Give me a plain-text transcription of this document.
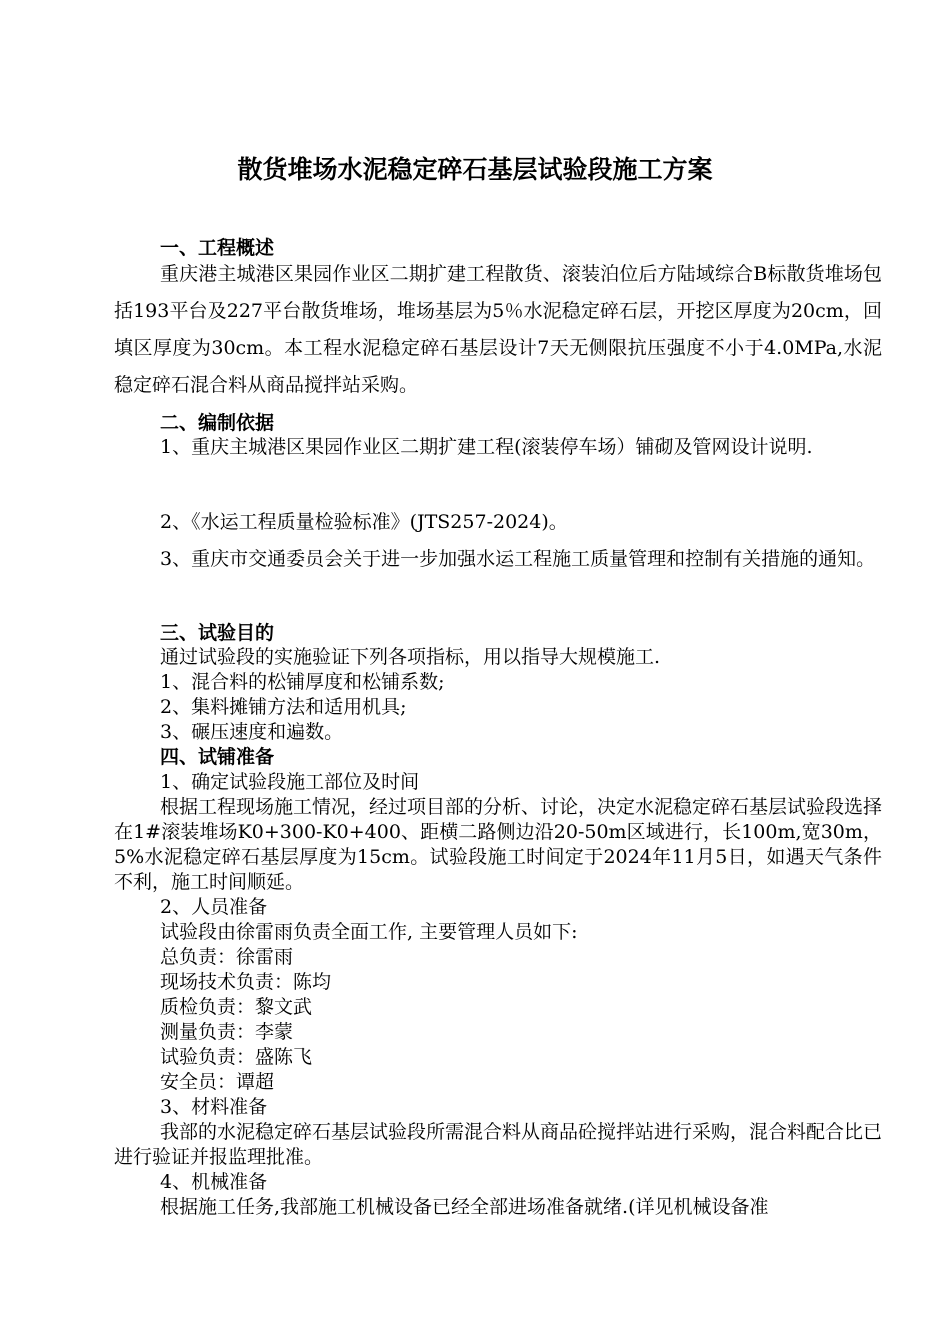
散货堆场水泥稳定碎石基层试验段施工方案
一、工程概述

重庆港主城港区果园作业区二期扩建工程散货、滚装泊位后方陆域综合B标散货堆场包括193平台及227平台散货堆场，堆场基层为5％水泥稳定碎石层，开挖区厚度为20cm，回填区厚度为30cm。本工程水泥稳定碎石基层设计7天无侧限抗压强度不小于4.0MPa,水泥稳定碎石混合料从商品搅拌站采购。

二、编制依据

1、重庆主城港区果园作业区二期扩建工程(滚装停车场）铺砌及管网设计说明.

2、《水运工程质量检验标准》(JTS257-2024)。

3、重庆市交通委员会关于进一步加强水运工程施工质量管理和控制有关措施的通知。

三、试验目的
通过试验段的实施验证下列各项指标，用以指导大规模施工.
1、混合料的松铺厚度和松铺系数;
2、集料摊铺方法和适用机具;
3、碾压速度和遍数。
四、试铺准备
1、确定试验段施工部位及时间

根据工程现场施工情况，经过项目部的分析、讨论，决定水泥稳定碎石基层试验段选择在1#滚装堆场K0+300-K0+400、距横二路侧边沿20-50m区域进行，长100m,宽30m， 5%水泥稳定碎石基层厚度为15cm。试验段施工时间定于2024年11月5日，如遇天气条件不利，施工时间顺延。

2、人员准备
试验段由徐雷雨负责全面工作, 主要管理人员如下:
总负责：徐雷雨
现场技术负责：陈均
质检负责：黎文武
测量负责：李蒙
试验负责：盛陈飞
安全员：谭超
3、材料准备

我部的水泥稳定碎石基层试验段所需混合料从商品砼搅拌站进行采购，混合料配合比已进行验证并报监理批准。

4、机械准备

根据施工任务,我部施工机械设备已经全部进场准备就绪.(详见机械设备准
